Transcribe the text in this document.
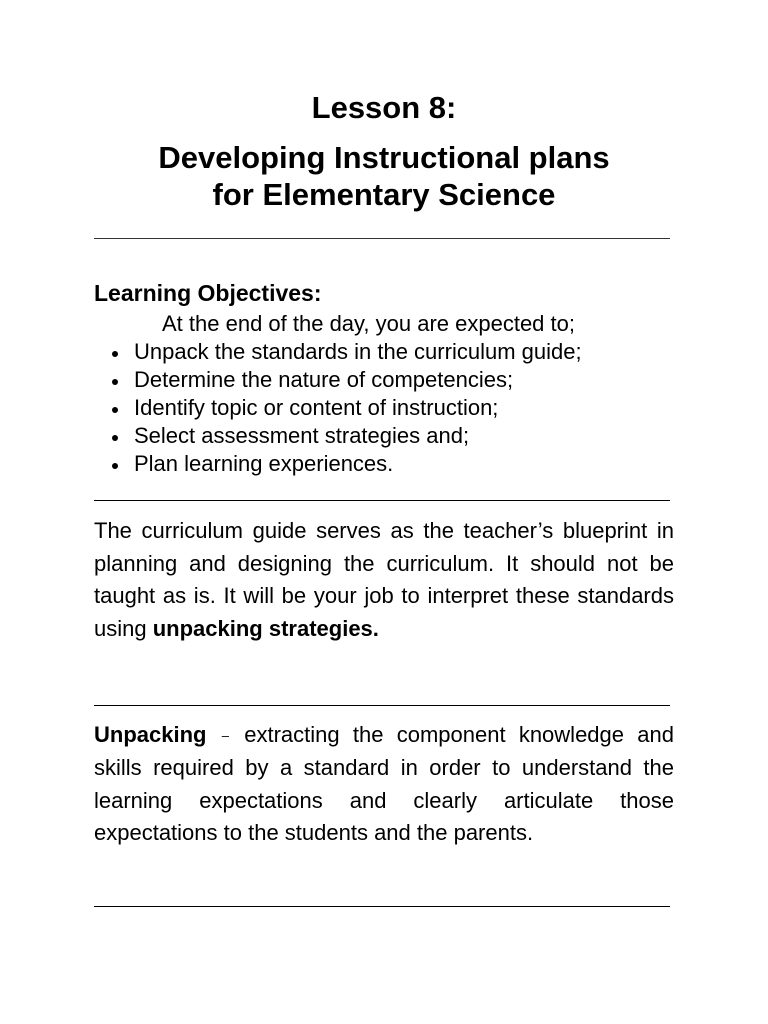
Lesson 8:
Developing Instructional plans
for Elementary Science
Learning Objectives:

At the end of the day, you are expected to;

Unpack the standards in the curriculum guide;
Determine the nature of competencies;
Identify topic or content of instruction;
Select assessment strategies and;
Plan learning experiences.

The curriculum guide serves as the teacher’s blueprint in planning and designing the curriculum. It should not be taught as is. It will be your job to interpret these standards using unpacking strategies.

Unpacking – extracting the component knowledge and skills required by a standard in order to understand the learning expectations and clearly articulate those expectations to the students and the parents.
